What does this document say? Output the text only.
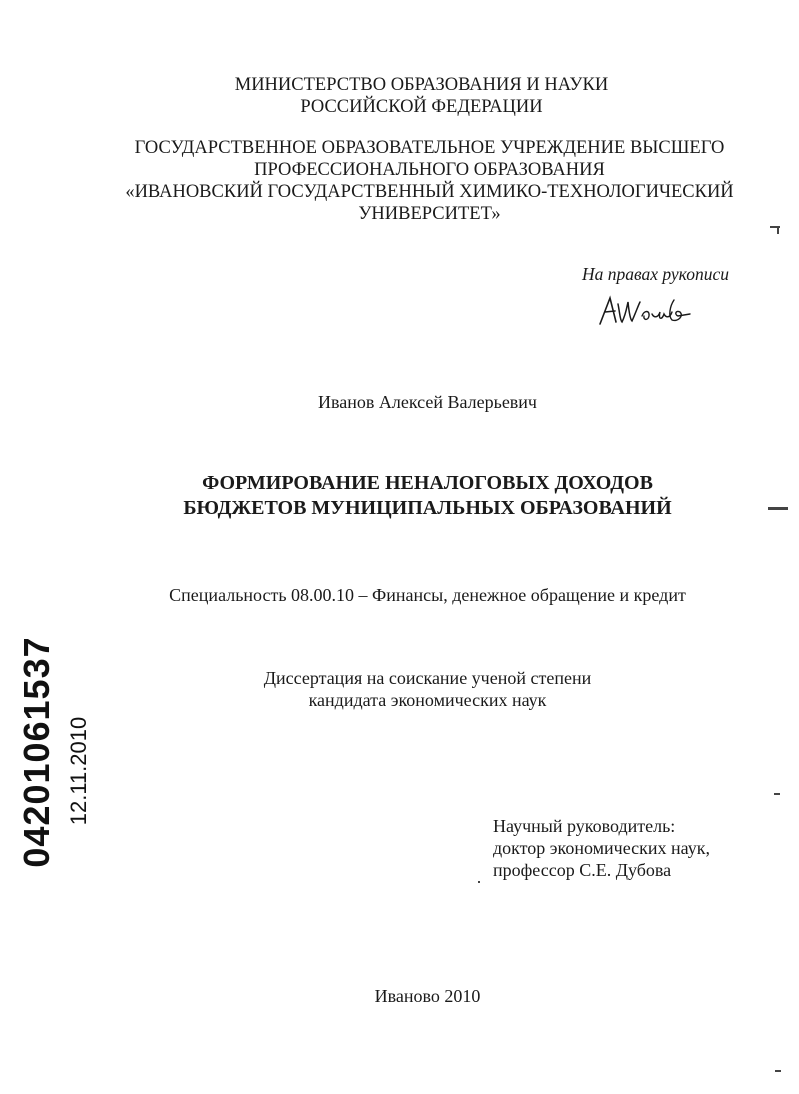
04201061537 12.11.2010
МИНИСТЕРСТВО ОБРАЗОВАНИЯ И НАУКИ
РОССИЙСКОЙ ФЕДЕРАЦИИ
ГОСУДАРСТВЕННОЕ ОБРАЗОВАТЕЛЬНОЕ УЧРЕЖДЕНИЕ ВЫСШЕГО
ПРОФЕССИОНАЛЬНОГО ОБРАЗОВАНИЯ
«ИВАНОВСКИЙ ГОСУДАРСТВЕННЫЙ ХИМИКО-ТЕХНОЛОГИЧЕСКИЙ
УНИВЕРСИТЕТ»
На правах рукописи
Иванов Алексей Валерьевич
ФОРМИРОВАНИЕ НЕНАЛОГОВЫХ ДОХОДОВ
БЮДЖЕТОВ МУНИЦИПАЛЬНЫХ ОБРАЗОВАНИЙ
Специальность 08.00.10 – Финансы, денежное обращение и кредит
Диссертация на соискание ученой степени
кандидата экономических наук
Научный руководитель:
доктор экономических наук,
профессор С.Е. Дубова
Иваново 2010
